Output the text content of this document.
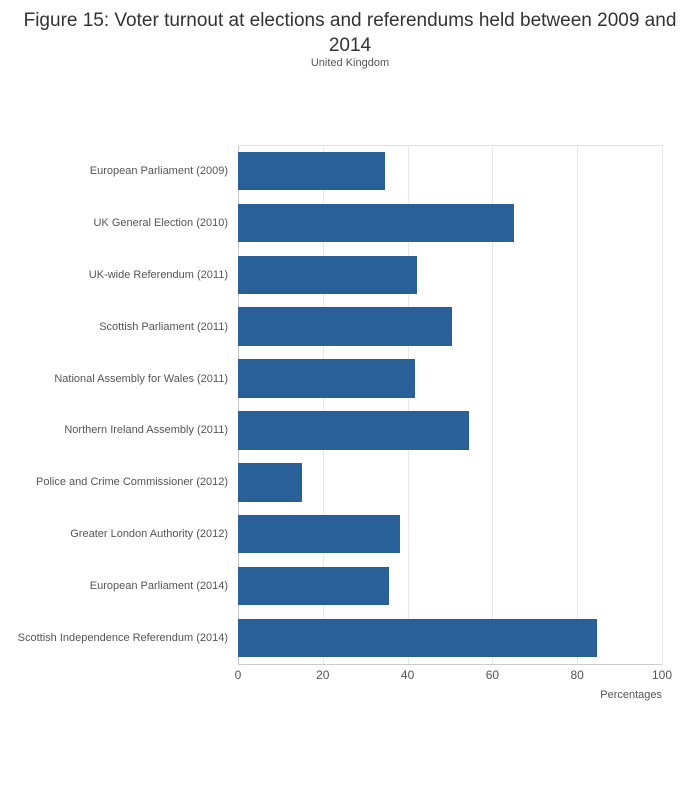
Figure 15: Voter turnout at elections and referendums held between 2009 and 2014
United Kingdom
European Parliament (2009)
UK General Election (2010)
UK-wide Referendum (2011)
Scottish Parliament (2011)
National Assembly for Wales (2011)
Northern Ireland Assembly (2011)
Police and Crime Commissioner (2012)
Greater London Authority (2012)
European Parliament (2014)
Scottish Independence Referendum (2014)
0	20	40	60	80	100
Percentages
